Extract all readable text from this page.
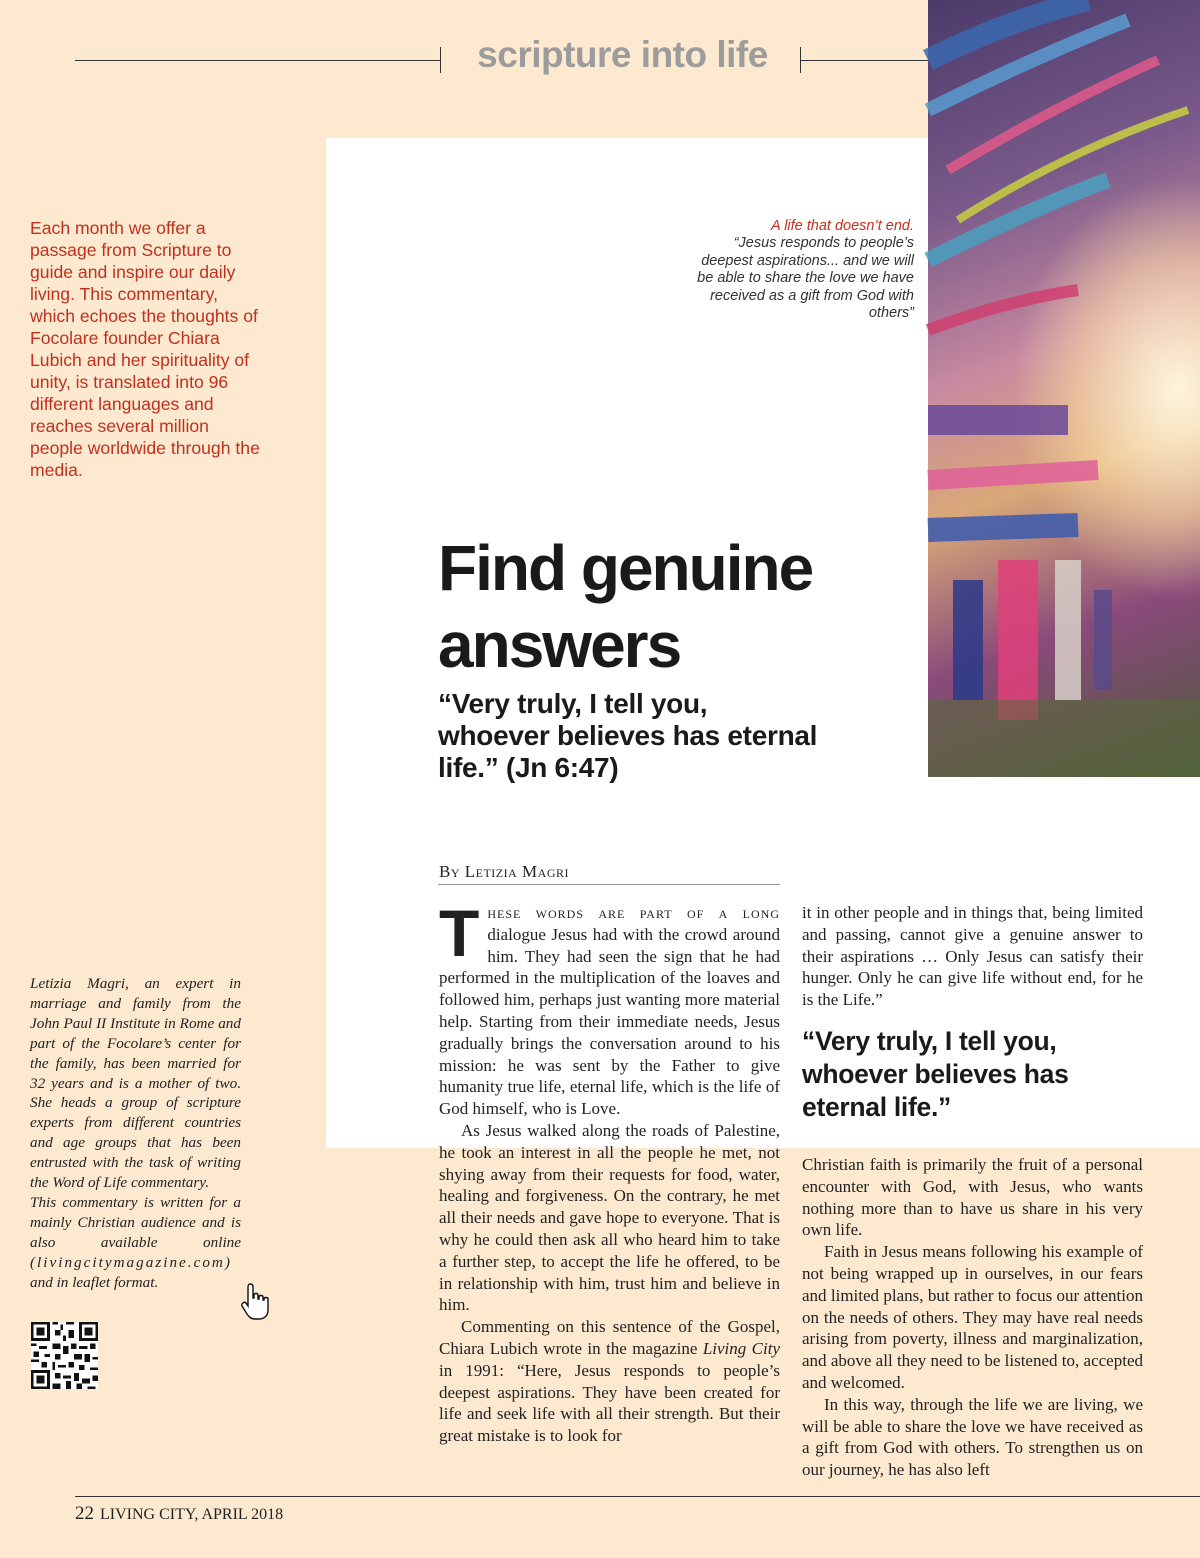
scripture into life
Each month we offer a passage from Scripture to guide and inspire our daily living. This commentary, which echoes the thoughts of Focolare founder Chiara Lubich and her spirituality of unity, is translated into 96 different languages and reaches several million people worldwide through the media.
A life that doesn’t end.
“Jesus responds to people’s deepest aspirations... and we will be able to share the love we have received as a gift from God with others”
Find genuine answers
“Very truly, I tell you, whoever believes has eternal life.” (Jn 6:47)
By Letizia Magri

These words are part of a long dialogue Jesus had with the crowd around him. They had seen the sign that he had performed in the multiplication of the loaves and followed him, perhaps just wanting more material help. Starting from their immediate needs, Jesus gradually brings the conversation around to his mission: he was sent by the Father to give humanity true life, eternal life, which is the life of God himself, who is Love.

As Jesus walked along the roads of Palestine, he took an interest in all the people he met, not shying away from their requests for food, water, healing and forgiveness. On the contrary, he met all their needs and gave hope to everyone. That is why he could then ask all who heard him to take a further step, to accept the life he offered, to be in relationship with him, trust him and believe in him.

Commenting on this sentence of the Gospel, Chiara Lubich wrote in the magazine Living City in 1991: “Here, Jesus responds to people’s deepest aspirations. They have been created for life and seek life with all their strength. But their great mistake is to look for

it in other people and in things that, being limited and passing, cannot give a genuine answer to their aspirations … Only Jesus can satisfy their hunger. Only he can give life without end, for he is the Life.”

“Very truly, I tell you, whoever believes has eternal life.”

Christian faith is primarily the fruit of a personal encounter with God, with Jesus, who wants nothing more than to have us share in his very own life.

Faith in Jesus means following his example of not being wrapped up in ourselves, in our fears and limited plans, but rather to focus our attention on the needs of others. They may have real needs arising from poverty, illness and marginalization, and above all they need to be listened to, accepted and welcomed.

In this way, through the life we are living, we will be able to share the love we have received as a gift from God with others. To strengthen us on our journey, he has also left

Letizia Magri, an expert in marriage and family from the John Paul II Institute in Rome and part of the Focolare’s center for the family, has been married for 32 years and is a mother of two. She heads a group of scripture experts from different countries and age groups that has been entrusted with the task of writing the Word of Life commentary.

This commentary is written for a mainly Christian audience and is also available online (livingcitymagazine.com) and in leaflet format.

22 LIVING CITY, APRIL 2018
